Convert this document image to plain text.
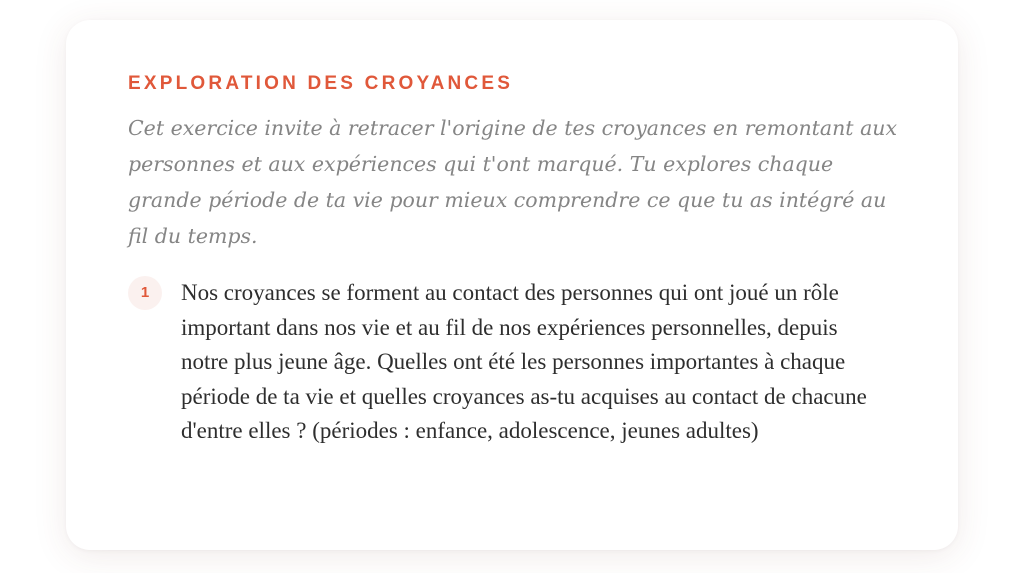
EXPLORATION DES CROYANCES

Cet exercice invite à retracer l'origine de tes croyances en remontant aux personnes et aux expériences qui t'ont marqué. Tu explores chaque grande période de ta vie pour mieux comprendre ce que tu as intégré au fil du temps.

1	Nos croyances se forment au contact des personnes qui ont joué un rôle important dans nos vie et au fil de nos expériences personnelles, depuis notre plus jeune âge. Quelles ont été les personnes importantes à chaque période de ta vie et quelles croyances as-tu acquises au contact de chacune d'entre elles ? (périodes : enfance, adolescence, jeunes adultes)
